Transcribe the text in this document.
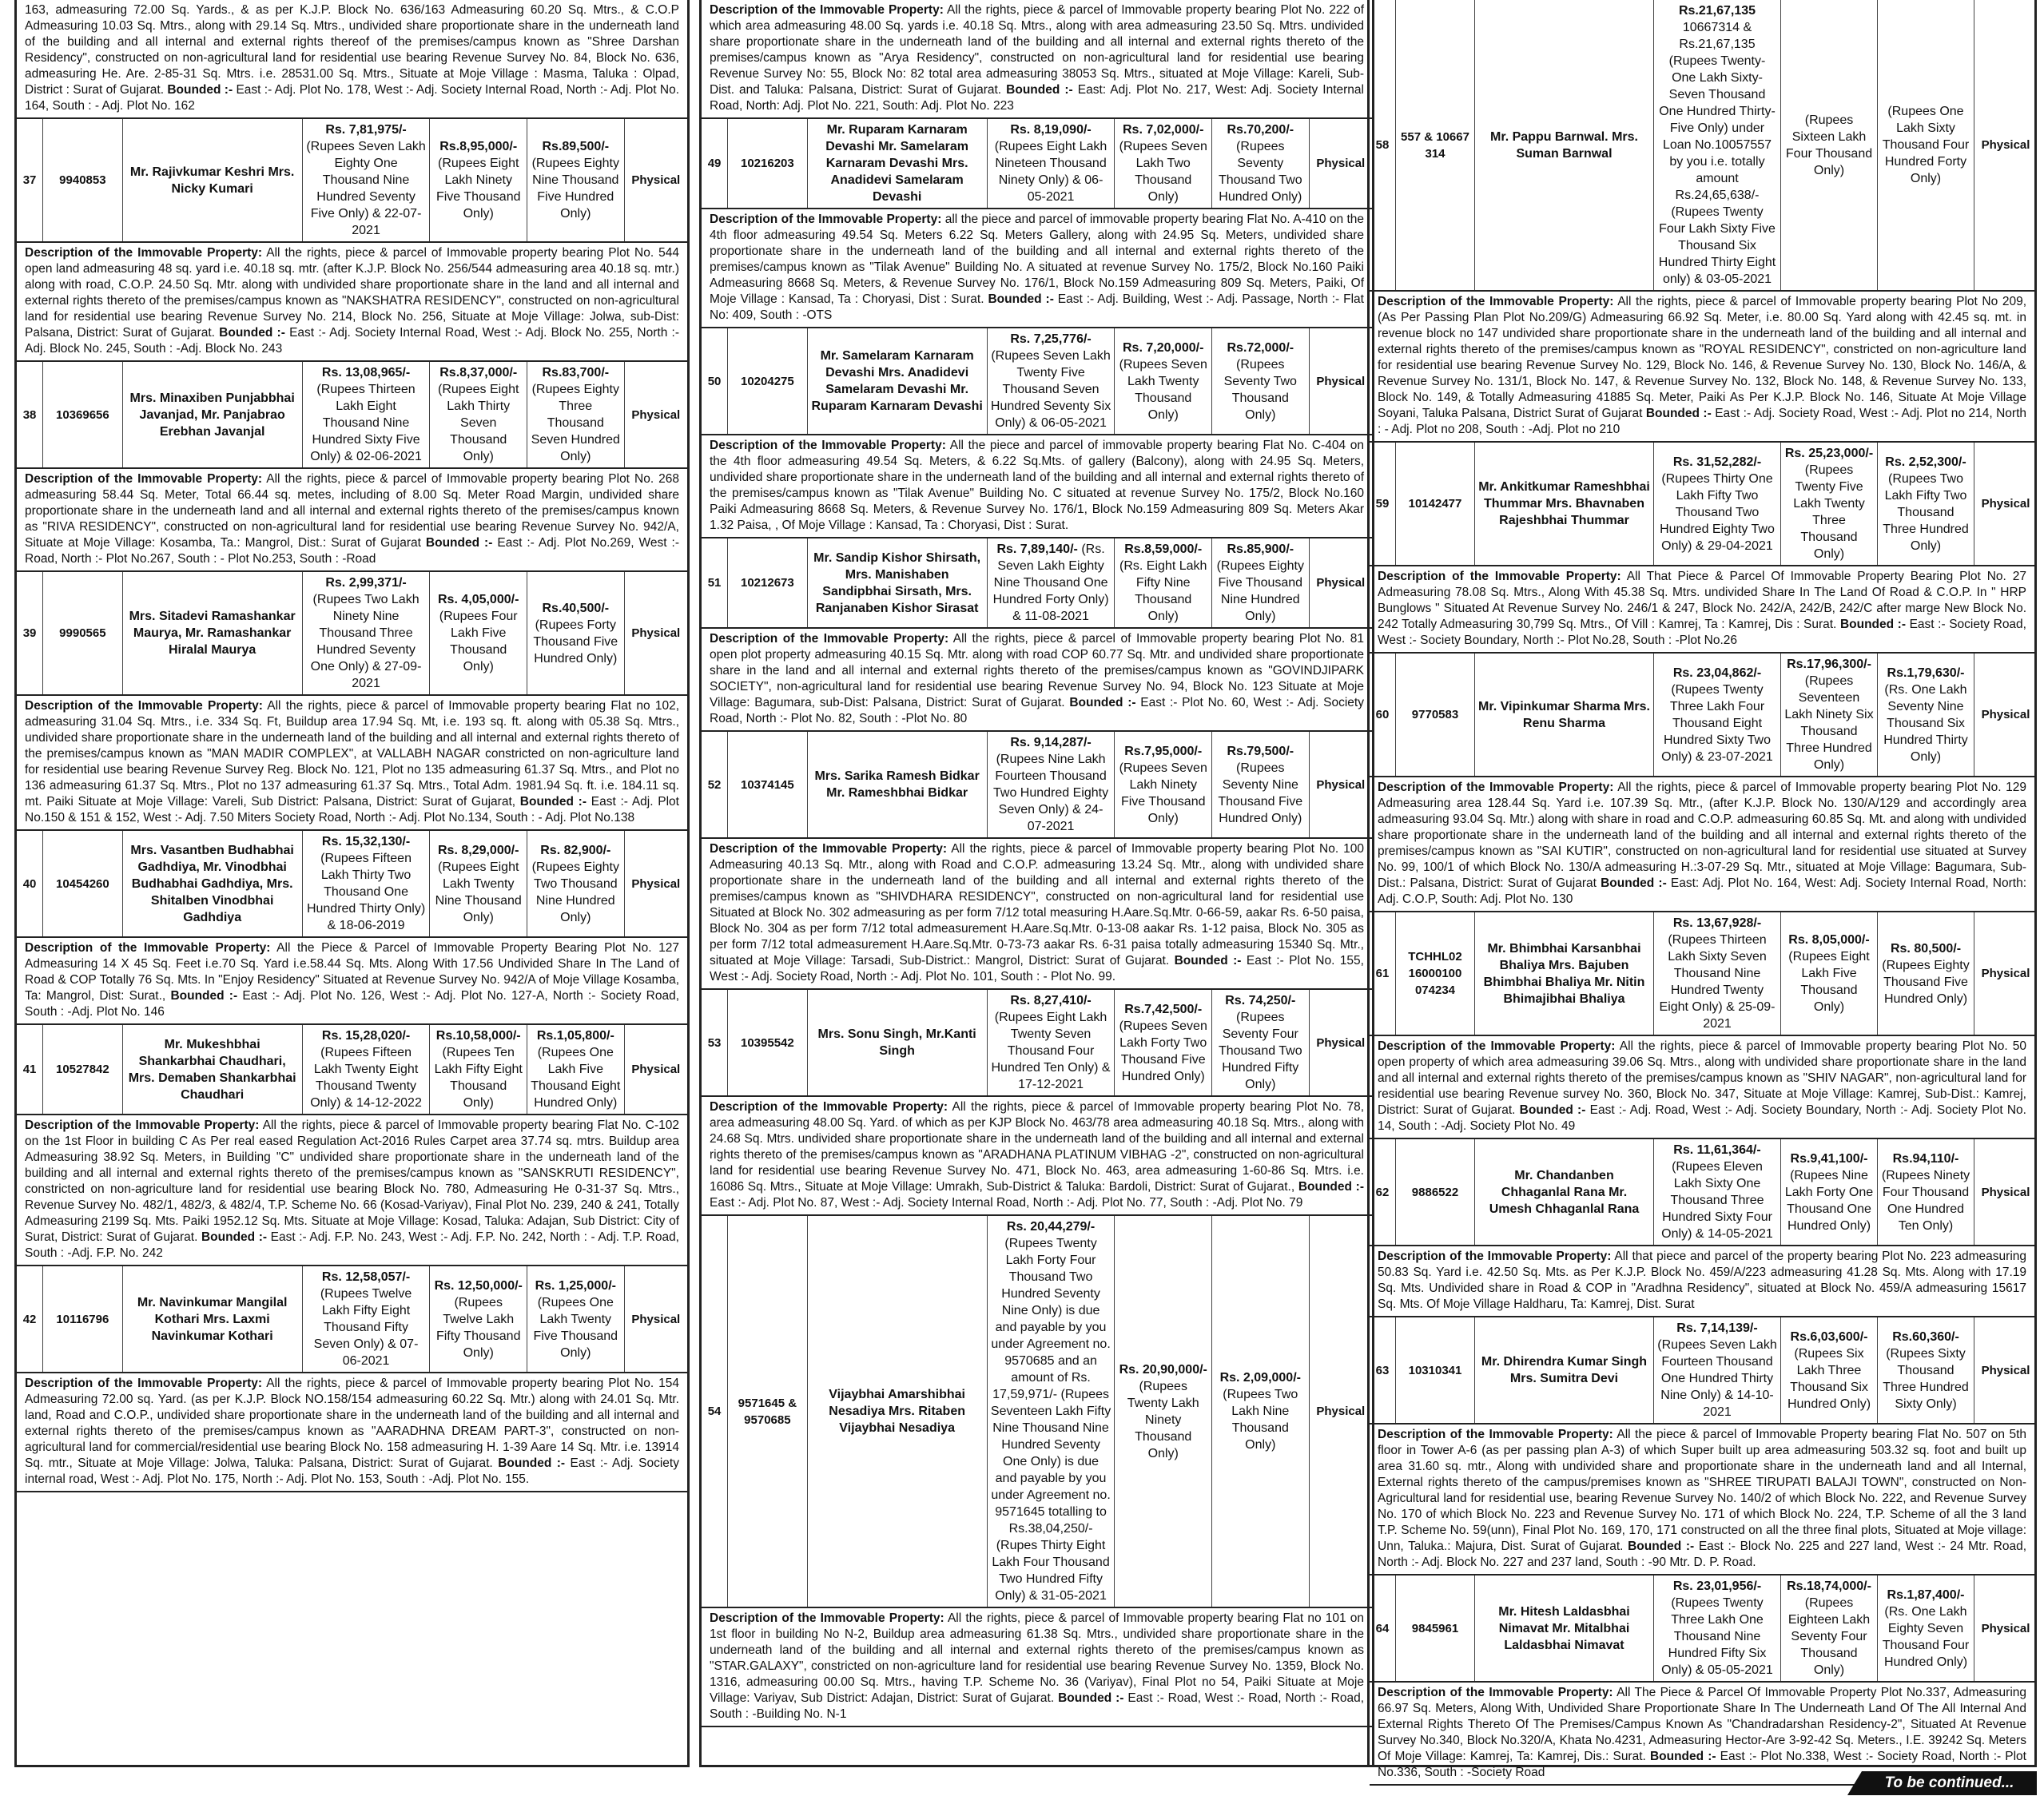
163, admeasuring 72.00 Sq. Yards., & as per K.J.P. Block No. 636/163 Admeasuring 60.20 Sq. Mtrs., & C.O.P Admeasuring 10.03 Sq. Mtrs., along with 29.14 Sq. Mtrs., undivided share proportionate share in the underneath land of the building and all internal and external rights thereof of the premises/campus known as "Shree Darshan Residency", constructed on non-agricultural land for residential use bearing Revenue Survey No. 84, Block No. 636, admeasuring He. Are. 2-85-31 Sq. Mtrs. i.e. 28531.00 Sq. Mtrs., Situate at Moje Village : Masma, Taluka : Olpad, District : Surat of Gujarat. Bounded :- East :- Adj. Plot No. 178, West :- Adj. Society Internal Road, North :- Adj. Plot No. 164, South : - Adj. Plot No. 162

37	9940853	Mr. Rajivkumar Keshri Mrs. Nicky Kumari	Rs. 7,81,975/- (Rupees Seven Lakh Eighty One Thousand Nine Hundred Seventy Five Only) & 22-07-2021	Rs.8,95,000/- (Rupees Eight Lakh Ninety Five Thousand Only)	Rs.89,500/- (Rupees Eighty Nine Thousand Five Hundred Only)	Physical

Description of the Immovable Property: All the rights, piece & parcel of Immovable property bearing Plot No. 544 open land admeasuring 48 sq. yard i.e. 40.18 sq. mtr. (after K.J.P. Block No. 256/544 admeasuring area 40.18 sq. mtr.) along with road, C.O.P. 24.50 Sq. Mtr. along with undivided share proportionate share in the land and all internal and external rights thereto of the premises/campus known as "NAKSHATRA RESIDENCY", constructed on non-agricultural land for residential use bearing Revenue Survey No. 214, Block No. 256, Situate at Moje Village: Jolwa, sub-Dist: Palsana, District: Surat of Gujarat. Bounded :- East :- Adj. Society Internal Road, West :- Adj. Block No. 255, North :- Adj. Block No. 245, South : -Adj. Block No. 243

38	10369656	Mrs. Minaxiben Punjabbhai Javanjad, Mr. Panjabrao Erebhan Javanjal	Rs. 13,08,965/- (Rupees Thirteen Lakh Eight Thousand Nine Hundred Sixty Five Only) & 02-06-2021	Rs.8,37,000/- (Rupees Eight Lakh Thirty Seven Thousand Only)	Rs.83,700/- (Rupees Eighty Three Thousand Seven Hundred Only)	Physical

Description of the Immovable Property: All the rights, piece & parcel of Immovable property bearing Plot No. 268 admeasuring 58.44 Sq. Meter, Total 66.44 sq. metes, including of 8.00 Sq. Meter Road Margin, undivided share proportionate share in the underneath land and all internal and external rights thereto of the premises/campus known as "RIVA RESIDENCY", constructed on non-agricultural land for residential use bearing Revenue Survey No. 942/A, Situate at Moje Village: Kosamba, Ta.: Mangrol, Dist.: Surat of Gujarat Bounded :- East :- Adj. Plot No.269, West :- Road, North :- Plot No.267, South : - Plot No.253, South : -Road

39	9990565	Mrs. Sitadevi Ramashankar Maurya, Mr. Ramashankar Hiralal Maurya	Rs. 2,99,371/- (Rupees Two Lakh Ninety Nine Thousand Three Hundred Seventy One Only) & 27-09-2021	Rs. 4,05,000/- (Rupees Four Lakh Five Thousand Only)	Rs.40,500/- (Rupees Forty Thousand Five Hundred Only)	Physical

Description of the Immovable Property: All the rights, piece & parcel of Immovable property bearing Flat no 102, admeasuring 31.04 Sq. Mtrs., i.e. 334 Sq. Ft, Buildup area 17.94 Sq. Mt, i.e. 193 sq. ft. along with 05.38 Sq. Mtrs., undivided share proportionate share in the underneath land of the building and all internal and external rights thereto of the premises/campus known as "MAN MADIR COMPLEX", at VALLABH NAGAR constricted on non-agriculture land for residential use bearing Revenue Survey Reg. Block No. 121, Plot no 135 admeasuring 61.37 Sq. Mtrs., and Plot no 136 admeasuring 61.37 Sq. Mtrs., Plot no 137 admeasuring 61.37 Sq. Mtrs., Total Adm. 1981.94 Sq. ft. i.e. 184.11 sq. mt. Paiki Situate at Moje Village: Vareli, Sub District: Palsana, District: Surat of Gujarat, Bounded :- East :- Adj. Plot No.150 & 151 & 152, West :- Adj. 7.50 Miters Society Road, North :- Adj. Plot No.134, South : - Adj. Plot No.138

40	10454260	Mrs. Vasantben Budhabhai Gadhdiya, Mr. Vinodbhai Budhabhai Gadhdiya, Mrs. Shitalben Vinodbhai Gadhdiya	Rs. 15,32,130/- (Rupees Fifteen Lakh Thirty Two Thousand One Hundred Thirty Only) & 18-06-2019	Rs. 8,29,000/- (Rupees Eight Lakh Twenty Nine Thousand Only)	Rs. 82,900/- (Rupees Eighty Two Thousand Nine Hundred Only)	Physical

Description of the Immovable Property: All the Piece & Parcel of Immovable Property Bearing Plot No. 127 Admeasuring 14 X 45 Sq. Feet i.e.70 Sq. Yard i.e.58.44 Sq. Mts. Along With 17.56 Undivided Share In The Land of Road & COP Totally 76 Sq. Mts. In "Enjoy Residency" Situated at Revenue Survey No. 942/A of Moje Village Kosamba, Ta: Mangrol, Dist: Surat., Bounded :- East :- Adj. Plot No. 126, West :- Adj. Plot No. 127-A, North :- Society Road, South : -Adj. Plot No. 146

41	10527842	Mr. Mukeshbhai Shankarbhai Chaudhari, Mrs. Demaben Shankarbhai Chaudhari	Rs. 15,28,020/- (Rupees Fifteen Lakh Twenty Eight Thousand Twenty Only) & 14-12-2022	Rs.10,58,000/- (Rupees Ten Lakh Fifty Eight Thousand Only)	Rs.1,05,800/- (Rupees One Lakh Five Thousand Eight Hundred Only)	Physical

Description of the Immovable Property: All the rights, piece & parcel of Immovable property bearing Flat No. C-102 on the 1st Floor in building C As Per real eased Regulation Act-2016 Rules Carpet area 37.74 sq. mtrs. Buildup area Admeasuring 38.92 Sq. Meters, in Building "C" undivided share proportionate share in the underneath land of the building and all internal and external rights thereto of the premises/campus known as "SANSKRUTI RESIDENCY", constricted on non-agriculture land for residential use bearing Block No. 780, Admeasuring He 0-31-37 Sq. Mtrs., Revenue Survey No. 482/1, 482/3, & 482/4, T.P. Scheme No. 66 (Kosad-Variyav), Final Plot No. 239, 240 & 241, Totally Admeasuring 2199 Sq. Mts. Paiki 1952.12 Sq. Mts. Situate at Moje Village: Kosad, Taluka: Adajan, Sub District: City of Surat, District: Surat of Gujarat. Bounded :- East :- Adj. F.P. No. 243, West :- Adj. F.P. No. 242, North : - Adj. T.P. Road, South : -Adj. F.P. No. 242

42	10116796	Mr. Navinkumar Mangilal Kothari Mrs. Laxmi Navinkumar Kothari	Rs. 12,58,057/- (Rupees Twelve Lakh Fifty Eight Thousand Fifty Seven Only) & 07-06-2021	Rs. 12,50,000/- (Rupees Twelve Lakh Fifty Thousand Only)	Rs. 1,25,000/- (Rupees One Lakh Twenty Five Thousand Only)	Physical

Description of the Immovable Property: All the rights, piece & parcel of Immovable property bearing Plot No. 154 Admeasuring 72.00 sq. Yard. (as per K.J.P. Block NO.158/154 admeasuring 60.22 Sq. Mtr.) along with 24.01 Sq. Mtr. land, Road and C.O.P., undivided share proportionate share in the underneath land of the building and all internal and external rights thereto of the premises/campus known as "AARADHNA DREAM PART-3", constructed on non-agricultural land for commercial/residential use bearing Block No. 158 admeasuring H. 1-39 Aare 14 Sq. Mtr. i.e. 13914 Sq. mtr., Situate at Moje Village: Jolwa, Taluka: Palsana, District: Surat of Gujarat. Bounded :- East :- Adj. Society internal road, West :- Adj. Plot No. 175, North :- Adj. Plot No. 153, South : -Adj. Plot No. 155.

Description of the Immovable Property: All the rights, piece & parcel of Immovable property bearing Plot No. 222 of which area admeasuring 48.00 Sq. yards i.e. 40.18 Sq. Mtrs., along with area admeasuring 23.50 Sq. Mtrs. undivided share proportionate share in the underneath land of the building and all internal and external rights thereto of the premises/campus known as "Arya Residency", constructed on non-agricultural land for residential use bearing Revenue Survey No: 55, Block No: 82 total area admeasuring 38053 Sq. Mtrs., situated at Moje Village: Kareli, Sub-Dist. and Taluka: Palsana, District: Surat of Gujarat. Bounded :- East: Adj. Plot No. 217, West: Adj. Society Internal Road, North: Adj. Plot No. 221, South: Adj. Plot No. 223

49	10216203	Mr. Ruparam Karnaram Devashi Mr. Samelaram Karnaram Devashi Mrs. Anadidevi Samelaram Devashi	Rs. 8,19,090/- (Rupees Eight Lakh Nineteen Thousand Ninety Only) & 06-05-2021	Rs. 7,02,000/- (Rupees Seven Lakh Two Thousand Only)	Rs.70,200/- (Rupees Seventy Thousand Two Hundred Only)	Physical

Description of the Immovable Property: all the piece and parcel of immovable property bearing Flat No. A-410 on the 4th floor admeasuring 49.54 Sq. Meters 6.22 Sq. Meters Gallery, along with 24.95 Sq. Meters, undivided share proportionate share in the underneath land of the building and all internal and external rights thereto of the premises/campus known as "Tilak Avenue" Building No. A situated at revenue Survey No. 175/2, Block No.160 Paiki Admeasuring 8668 Sq. Meters, & Revenue Survey No. 176/1, Block No.159 Admeasuring 809 Sq. Meters, Paiki, Of Moje Village : Kansad, Ta : Choryasi, Dist : Surat. Bounded :- East :- Adj. Building, West :- Adj. Passage, North :- Flat No: 409, South : -OTS

50	10204275	Mr. Samelaram Karnaram Devashi Mrs. Anadidevi Samelaram Devashi Mr. Ruparam Karnaram Devashi	Rs. 7,25,776/- (Rupees Seven Lakh Twenty Five Thousand Seven Hundred Seventy Six Only) & 06-05-2021	Rs. 7,20,000/- (Rupees Seven Lakh Twenty Thousand Only)	Rs.72,000/- (Rupees Seventy Two Thousand Only)	Physical

Description of the Immovable Property: All the piece and parcel of immovable property bearing Flat No. C-404 on the 4th floor admeasuring 49.54 Sq. Meters, & 6.22 Sq.Mts. of gallery (Balcony), along with 24.95 Sq. Meters, undivided share proportionate share in the underneath land of the building and all internal and external rights thereto of the premises/campus known as "Tilak Avenue" Building No. C situated at revenue Survey No. 175/2, Block No.160 Paiki Admeasuring 8668 Sq. Meters, & Revenue Survey No. 176/1, Block No.159 Admeasuring 809 Sq. Meters Akar 1.32 Paisa, , Of Moje Village : Kansad, Ta : Choryasi, Dist : Surat.

51	10212673	Mr. Sandip Kishor Shirsath, Mrs. Manishaben Sandipbhai Sirsath, Mrs. Ranjanaben Kishor Sirasat	Rs. 7,89,140/- (Rs. Seven Lakh Eighty Nine Thousand One Hundred Forty Only) & 11-08-2021	Rs.8,59,000/- (Rs. Eight Lakh Fifty Nine Thousand Only)	Rs.85,900/- (Rupees Eighty Five Thousand Nine Hundred Only)	Physical

Description of the Immovable Property: All the rights, piece & parcel of Immovable property bearing Plot No. 81 open plot property admeasuring 40.15 Sq. Mtr. along with road COP 60.77 Sq. Mtr. and undivided share proportionate share in the land and all internal and external rights thereto of the premises/campus known as "GOVINDJIPARK SOCIETY", non-agricultural land for residential use bearing Revenue Survey No. 94, Block No. 123 Situate at Moje Village: Bagumara, sub-Dist: Palsana, District: Surat of Gujarat. Bounded :- East :- Plot No. 60, West :- Adj. Society Road, North :- Plot No. 82, South : -Plot No. 80

52	10374145	Mrs. Sarika Ramesh Bidkar Mr. Rameshbhai Bidkar	Rs. 9,14,287/- (Rupees Nine Lakh Fourteen Thousand Two Hundred Eighty Seven Only) & 24-07-2021	Rs.7,95,000/- (Rupees Seven Lakh Ninety Five Thousand Only)	Rs.79,500/- (Rupees Seventy Nine Thousand Five Hundred Only)	Physical

Description of the Immovable Property: All the rights, piece & parcel of Immovable property bearing Plot No. 100 Admeasuring 40.13 Sq. Mtr., along with Road and C.O.P. admeasuring 13.24 Sq. Mtr., along with undivided share proportionate share in the underneath land of the building and all internal and external rights thereto of the premises/campus known as "SHIVDHARA RESIDENCY", constructed on non-agricultural land for residential use Situated at Block No. 302 admeasuring as per form 7/12 total measuring H.Aare.Sq.Mtr. 0-66-59, aakar Rs. 6-50 paisa, Block No. 304 as per form 7/12 total admeasurement H.Aare.Sq.Mtr. 0-13-08 aakar Rs. 1-12 paisa, Block No. 305 as per form 7/12 total admeasurement H.Aare.Sq.Mtr. 0-73-73 aakar Rs. 6-31 paisa totally admeasuring 15340 Sq. Mtr., situated at Moje Village: Tarsadi, Sub-District.: Mangrol, District: Surat of Gujarat. Bounded :- East :- Plot No. 155, West :- Adj. Society Road, North :- Adj. Plot No. 101, South : - Plot No. 99.

53	10395542	Mrs. Sonu Singh, Mr.Kanti Singh	Rs. 8,27,410/- (Rupees Eight Lakh Twenty Seven Thousand Four Hundred Ten Only) & 17-12-2021	Rs.7,42,500/- (Rupees Seven Lakh Forty Two Thousand Five Hundred Only)	Rs. 74,250/- (Rupees Seventy Four Thousand Two Hundred Fifty Only)	Physical

Description of the Immovable Property: All the rights, piece & parcel of Immovable property bearing Plot No. 78, area admeasuring 48.00 Sq. Yard. of which as per KJP Block No. 463/78 area admeasuring 40.18 Sq. Mtrs., along with 24.68 Sq. Mtrs. undivided share proportionate share in the underneath land of the building and all internal and external rights thereto of the premises/campus known as "ARADHANA PLATINUM VIBHAG -2", constructed on non-agricultural land for residential use bearing Revenue Survey No. 471, Block No. 463, area admeasuring 1-60-86 Sq. Mtrs. i.e. 16086 Sq. Mtrs., Situate at Moje Village: Umrakh, Sub-District & Taluka: Bardoli, District: Surat of Gujarat., Bounded :- East :- Adj. Plot No. 87, West :- Adj. Society Internal Road, North :- Adj. Plot No. 77, South : -Adj. Plot No. 79

54	9571645 & 9570685	Vijaybhai Amarshibhai Nesadiya Mrs. Ritaben Vijaybhai Nesadiya	Rs. 20,44,279/- (Rupees Twenty Lakh Forty Four Thousand Two Hundred Seventy Nine Only) is due and payable by you under Agreement no. 9570685 and an amount of Rs. 17,59,971/- (Rupees Seventeen Lakh Fifty Nine Thousand Nine Hundred Seventy One Only) is due and payable by you under Agreement no. 9571645 totalling to Rs.38,04,250/- (Rupes Thirty Eight Lakh Four Thousand Two Hundred Fifty Only) & 31-05-2021	Rs. 20,90,000/- (Rupees Twenty Lakh Ninety Thousand Only)	Rs. 2,09,000/- (Rupees Two Lakh Nine Thousand Only)	Physical

Description of the Immovable Property: All the rights, piece & parcel of Immovable property bearing Flat no 101 on 1st floor in building No N-2, Buildup area admeasuring 61.38 Sq. Mtrs., undivided share proportionate share in the underneath land of the building and all internal and external rights thereto of the premises/campus known as "STAR.GALAXY", constricted on non-agriculture land for residential use bearing Revenue Survey No. 1359, Block No. 1316, admeasuring 00.00 Sq. Mtrs., having T.P. Scheme No. 36 (Variyav), Final Plot no 54, Paiki Situate at Moje Village: Variyav, Sub District: Adajan, District: Surat of Gujarat. Bounded :- East :- Road, West :- Road, North :- Road, South : -Building No. N-1

58	557 & 10667 314	Mr. Pappu Barnwal. Mrs. Suman Barnwal	Rs.21,67,135 10667314 & Rs.21,67,135 (Rupees Twenty-One Lakh Sixty-Seven Thousand One Hundred Thirty-Five Only) under Loan No.10057557 by you i.e. totally amount Rs.24,65,638/- (Rupees Twenty Four Lakh Sixty Five Thousand Six Hundred Thirty Eight only) & 03-05-2021	(Rupees Sixteen Lakh Four Thousand Only)	(Rupees One Lakh Sixty Thousand Four Hundred Forty Only)	Physical

Description of the Immovable Property: All the rights, piece & parcel of Immovable property bearing Plot No 209, (As Per Passing Plan Plot No.209/G) Admeasuring 66.92 Sq. Meter, i.e. 80.00 Sq. Yard along with 42.45 sq. mt. in revenue block no 147 undivided share proportionate share in the underneath land of the building and all internal and external rights thereto of the premises/campus known as "ROYAL RESIDENCY", constricted on non-agriculture land for residential use bearing Revenue Survey No. 129, Block No. 146, & Revenue Survey No. 130, Block No. 146/A, & Revenue Survey No. 131/1, Block No. 147, & Revenue Survey No. 132, Block No. 148, & Revenue Survey No. 133, Block No. 149, & Totally Admeasuring 41885 Sq. Meter, Paiki As Per K.J.P. Block No. 146, Situate At Moje Village Soyani, Taluka Palsana, District Surat of Gujarat Bounded :- East :- Adj. Society Road, West :- Adj. Plot no 214, North : - Adj. Plot no 208, South : -Adj. Plot no 210

59	10142477	Mr. Ankitkumar Rameshbhai Thummar Mrs. Bhavnaben Rajeshbhai Thummar	Rs. 31,52,282/- (Rupees Thirty One Lakh Fifty Two Thousand Two Hundred Eighty Two Only) & 29-04-2021	Rs. 25,23,000/- (Rupees Twenty Five Lakh Twenty Three Thousand Only)	Rs. 2,52,300/- (Rupees Two Lakh Fifty Two Thousand Three Hundred Only)	Physical

Description of the Immovable Property: All That Piece & Parcel Of Immovable Property Bearing Plot No. 27 Admeasuring 78.08 Sq. Mtrs., Along With 45.38 Sq. Mtrs. undivided Share In The Land Of Road & C.O.P. In " HRP Bunglows " Situated At Revenue Survey No. 246/1 & 247, Block No. 242/A, 242/B, 242/C after marge New Block No. 242 Totally Admeasuring 30,799 Sq. Mtrs., Of Vill : Kamrej, Ta : Kamrej, Dis : Surat. Bounded :- East :- Society Road, West :- Society Boundary, North :- Plot No.28, South : -Plot No.26

60	9770583	Mr. Vipinkumar Sharma Mrs. Renu Sharma	Rs. 23,04,862/- (Rupees Twenty Three Lakh Four Thousand Eight Hundred Sixty Two Only) & 23-07-2021	Rs.17,96,300/- (Rupees Seventeen Lakh Ninety Six Thousand Three Hundred Only)	Rs.1,79,630/- (Rs. One Lakh Seventy Nine Thousand Six Hundred Thirty Only)	Physical

Description of the Immovable Property: All the rights, piece & parcel of Immovable property bearing Plot No. 129 Admeasuring area 128.44 Sq. Yard i.e. 107.39 Sq. Mtr., (after K.J.P. Block No. 130/A/129 and accordingly area admeasuring 93.04 Sq. Mtr.) along with share in road and C.O.P. admeasuring 60.85 Sq. Mt. and along with undivided share proportionate share in the underneath land of the building and all internal and external rights thereto of the premises/campus known as "SAI KUTIR", constructed on non-agricultural land for residential use situated at Survey No. 99, 100/1 of which Block No. 130/A admeasuring H.:3-07-29 Sq. Mtr., situated at Moje Village: Bagumara, Sub-Dist.: Palsana, District: Surat of Gujarat Bounded :- East: Adj. Plot No. 164, West: Adj. Society Internal Road, North: Adj. C.O.P, South: Adj. Plot No. 130

61	TCHHL02 16000100 074234	Mr. Bhimbhai Karsanbhai Bhaliya Mrs. Bajuben Bhimbhai Bhaliya Mr. Nitin Bhimajibhai Bhaliya	Rs. 13,67,928/- (Rupees Thirteen Lakh Sixty Seven Thousand Nine Hundred Twenty Eight Only) & 25-09-2021	Rs. 8,05,000/- (Rupees Eight Lakh Five Thousand Only)	Rs. 80,500/- (Rupees Eighty Thousand Five Hundred Only)	Physical

Description of the Immovable Property: All the rights, piece & parcel of Immovable property bearing Plot No. 50 open property of which area admeasuring 39.06 Sq. Mtrs., along with undivided share proportionate share in the land and all internal and external rights thereto of the premises/campus known as "SHIV NAGAR", non-agricultural land for residential use bearing Revenue survey No. 360, Block No. 347, Situate at Moje Village: Kamrej, Sub-Dist.: Kamrej, District: Surat of Gujarat. Bounded :- East :- Adj. Road, West :- Adj. Society Boundary, North :- Adj. Society Plot No. 14, South : -Adj. Society Plot No. 49

62	9886522	Mr. Chandanben Chhaganlal Rana Mr. Umesh Chhaganlal Rana	Rs. 11,61,364/- (Rupees Eleven Lakh Sixty One Thousand Three Hundred Sixty Four Only) & 14-05-2021	Rs.9,41,100/- (Rupees Nine Lakh Forty One Thousand One Hundred Only)	Rs.94,110/- (Rupees Ninety Four Thousand One Hundred Ten Only)	Physical

Description of the Immovable Property: All that piece and parcel of the property bearing Plot No. 223 admeasuring 50.83 Sq. Yard i.e. 42.50 Sq. Mts. as Per K.J.P. Block No. 459/A/223 admeasuring 41.28 Sq. Mts. Along with 17.19 Sq. Mts. Undivided share in Road & COP in "Aradhna Residency", situated at Block No. 459/A admeasuring 15617 Sq. Mts. Of Moje Village Haldharu, Ta: Kamrej, Dist. Surat

63	10310341	Mr. Dhirendra Kumar Singh Mrs. Sumitra Devi	Rs. 7,14,139/- (Rupees Seven Lakh Fourteen Thousand One Hundred Thirty Nine Only) & 14-10-2021	Rs.6,03,600/- (Rupees Six Lakh Three Thousand Six Hundred Only)	Rs.60,360/- (Rupees Sixty Thousand Three Hundred Sixty Only)	Physical

Description of the Immovable Property: All the piece & parcel of Immovable Property bearing Flat No. 507 on 5th floor in Tower A-6 (as per passing plan A-3) of which Super built up area admeasuring 503.32 sq. foot and built up area 31.60 sq. mtr., Along with undivided share and proportionate share in the underneath land and all Internal, External rights thereto of the campus/premises known as "SHREE TIRUPATI BALAJI TOWN", constructed on Non- Agricultural land for residential use, bearing Revenue Survey No. 140/2 of which Block No. 222, and Revenue Survey No. 170 of which Block No. 223 and Revenue Survey No. 171 of which Block No. 224, T.P. Scheme of all the 3 land T.P. Scheme No. 59(unn), Final Plot No. 169, 170, 171 constructed on all the three final plots, Situated at Moje village: Unn, Taluka.: Majura, Dist. Surat of Gujarat. Bounded :- East :- Block No. 225 and 227 land, West :- 24 Mtr. Road, North :- Adj. Block No. 227 and 237 land, South : -90 Mtr. D. P. Road.

64	9845961	Mr. Hitesh Laldasbhai Nimavat Mr. Mitalbhai Laldasbhai Nimavat	Rs. 23,01,956/- (Rupees Twenty Three Lakh One Thousand Nine Hundred Fifty Six Only) & 05-05-2021	Rs.18,74,000/- (Rupees Eighteen Lakh Seventy Four Thousand Only)	Rs.1,87,400/- (Rs. One Lakh Eighty Seven Thousand Four Hundred Only)	Physical

Description of the Immovable Property: All The Piece & Parcel Of Immovable Property Plot No.337, Admeasuring 66.97 Sq. Meters, Along With, Undivided Share Proportionate Share In The Underneath Land Of The All Internal And External Rights Thereto Of The Premises/Campus Known As "Chandradarshan Residency-2", Situated At Revenue Survey No.340, Block No.320/A, Khata No.4231, Admeasuring Hector-Are 3-92-42 Sq. Meters., I.E. 39242 Sq. Meters Of Moje Village: Kamrej, Ta: Kamrej, Dis.: Surat. Bounded :- East :- Plot No.338, West :- Society Road, North :- Plot No.336, South : -Society Road

To be continued...
